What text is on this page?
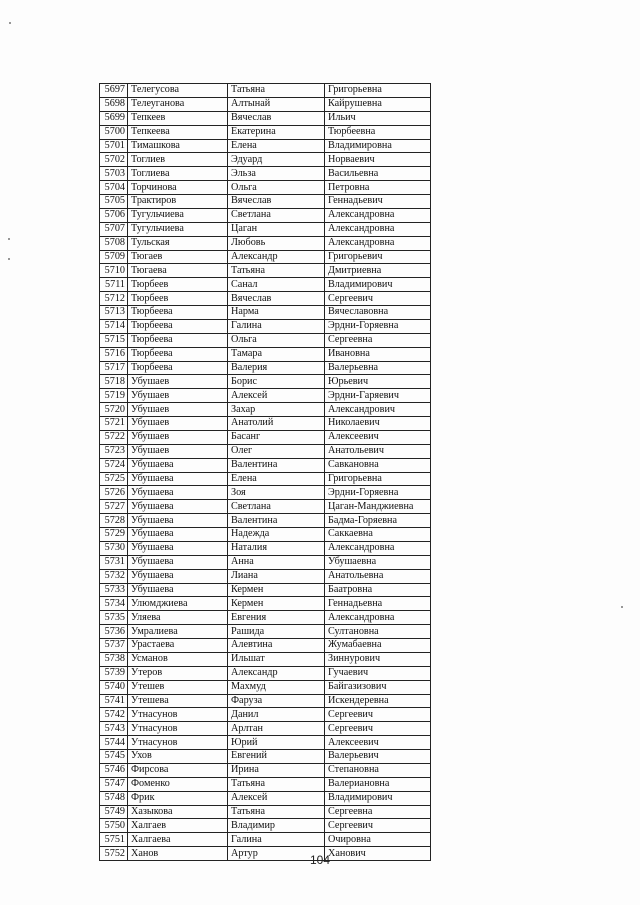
5697	Телегусова	Татьяна	Григорьевна
5698	Телеуганова	Алтынай	Кайрушевна
5699	Тепкеев	Вячеслав	Ильич
5700	Тепкеева	Екатерина	Тюрбеевна
5701	Тимашкова	Елена	Владимировна
5702	Тоглиев	Эдуард	Норваевич
5703	Тоглиева	Эльза	Васильевна
5704	Торчинова	Ольга	Петровна
5705	Трактиров	Вячеслав	Геннадьевич
5706	Тугульчиева	Светлана	Александровна
5707	Тугульчиева	Цаган	Александровна
5708	Тульская	Любовь	Александровна
5709	Тюгаев	Александр	Григорьевич
5710	Тюгаева	Татьяна	Дмитриевна
5711	Тюрбеев	Санал	Владимирович
5712	Тюрбеев	Вячеслав	Сергеевич
5713	Тюрбеева	Нарма	Вячеславовна
5714	Тюрбеева	Галина	Эрдни-Горяевна
5715	Тюрбеева	Ольга	Сергеевна
5716	Тюрбеева	Тамара	Ивановна
5717	Тюрбеева	Валерия	Валерьевна
5718	Убушаев	Борис	Юрьевич
5719	Убушаев	Алексей	Эрдни-Гаряевич
5720	Убушаев	Захар	Александрович
5721	Убушаев	Анатолий	Николаевич
5722	Убушаев	Басанг	Алексеевич
5723	Убушаев	Олег	Анатольевич
5724	Убушаева	Валентина	Савкановна
5725	Убушаева	Елена	Григорьевна
5726	Убушаева	Зоя	Эрдни-Горяевна
5727	Убушаева	Светлана	Цаган-Манджиевна
5728	Убушаева	Валентина	Бадма-Горяевна
5729	Убушаева	Надежда	Саккаевна
5730	Убушаева	Наталия	Александровна
5731	Убушаева	Анна	Убушаевна
5732	Убушаева	Лиана	Анатольевна
5733	Убушаева	Кермен	Баатровна
5734	Улюмджиева	Кермен	Геннадьевна
5735	Уляева	Евгения	Александровна
5736	Умралиева	Рашида	Султановна
5737	Урастаева	Алевтина	Жумабаевна
5738	Усманов	Ильшат	Зиннурович
5739	Утеров	Александр	Гучаевич
5740	Утешев	Махмуд	Байгазизович
5741	Утешева	Фаруза	Искендеревна
5742	Утнасунов	Данил	Сергеевич
5743	Утнасунов	Арлтан	Сергеевич
5744	Утнасунов	Юрий	Алексеевич
5745	Ухов	Евгений	Валерьевич
5746	Фирсова	Ирина	Степановна
5747	Фоменко	Татьяна	Валериановна
5748	Фрик	Алексей	Владимирович
5749	Хазыкова	Татьяна	Сергеевна
5750	Халгаев	Владимир	Сергеевич
5751	Халгаева	Галина	Очировна
5752	Ханов	Артур	Ханович
104
